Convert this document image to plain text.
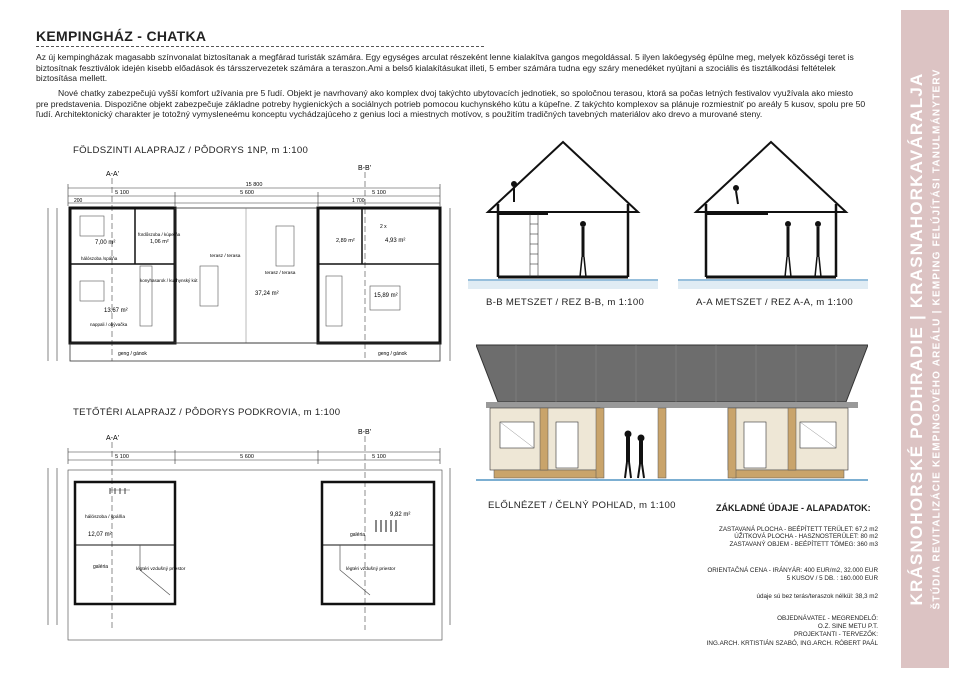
KEMPINGHÁZ - CHATKA
Az új kempingházak magasabb színvonalat biztosítanak a megfárad turisták számára. Egy egységes arculat részeként lenne kialakítva gangos megoldással. 5 ilyen lakóegység épülne meg, melyek közösségi teret is biztosítnak fesztiválok idején kisebb előadások és társszervezetek számára a teraszon.Ami a belső kialakításukat illeti, 5 ember számára tudna egy száry menedéket nyújtani a szociális és tisztálkodási feltételek biztosítása mellett.
Nové chatky zabezpečujú vyšší komfort užívania pre 5 ľudí. Objekt je navrhovaný ako komplex dvoj takýchto ubytovacích jednotiek, so spoločnou terasou, ktorá sa počas letných festivalov využívala ako miesto pre predstavenia. Dispozične objekt zabezpečuje základne potreby hygienických a sociálnych potrieb pomocou kuchynského kútu a kúpeľne. Z takýchto komplexov sa plánuje rozmiestniť po areály 5 kusov, spolu pre 50 ľudí. Architektonický charakter je totožný vymysleneému konceptu vychádzajúceho z genius loci a miestnych motívov, s použitím tradičných tavebných materiálov ako drevo a murované steny.
FÖLDSZINTI ALAPRAJZ / PÔDORYS 1NP, m 1:100
15 800
5 100	5 600	5 100
200	1 700
A-A'
B-B'
7,00 m²	1,06 m²
fürdőszoba / kúpeľňa
hálószoba /spálňa
konyhasarok / kuchynský kút
13,67 m²
nappali / obývačka
terasz / terasa
terasz / terasa
37,24 m²
2 x
4,93 m²
2,89 m²
15,89 m²
geng / gánok	geng / gánok
TETŐTÉRI ALAPRAJZ / PÔDORYS PODKROVIA, m 1:100
5 100	5 600	5 100
A-A'
B-B'
hálószoba / spálňa
12,07 m²
galéria	légtéri vzdušný priestor
9,82 m²
galéria
légtéri vzdušný priestor
B-B METSZET / REZ B-B, m 1:100	A-A METSZET / REZ A-A, m 1:100
ELŐLNÉZET / ČELNÝ POHĽAD, m 1:100	ZÁKLADNÉ ÚDAJE - ALAPADATOK:
ZASTAVANÁ PLOCHA - BEÉPÍTETT TERÜLET: 67,2 m2
ÚŽITKOVÁ PLOCHA - HASZNOSTERÜLET: 80 m2
ZASTAVANÝ OBJEM - BEÉPÍTETT TÖMEG: 360 m3
ORIENTAČNÁ CENA - IRÁNYÁR: 400 EUR/m2, 32.000 EUR
5 KUSOV / 5 DB. : 160.000 EUR
údaje sú bez terás/teraszok nélkül: 38,3 m2
OBJEDNÁVATEĽ - MEGRENDELŐ:
O.Z. SINE METU P.T.
PROJEKTANTI - TERVEZŐK:
ING.ARCH. KRTISTIÁN SZABÓ, ING.ARCH. RÓBERT PAÁL
KRÁSNOHORSKÉ PODHRADIE | KRASNAHORKAVÁRALJA ŠTÚDIA REVITALIZÁCIE KEMPINGOVÉHO AREÁLU | KEMPING FELÚJÍTÁSI TANULMÁNYTERV
